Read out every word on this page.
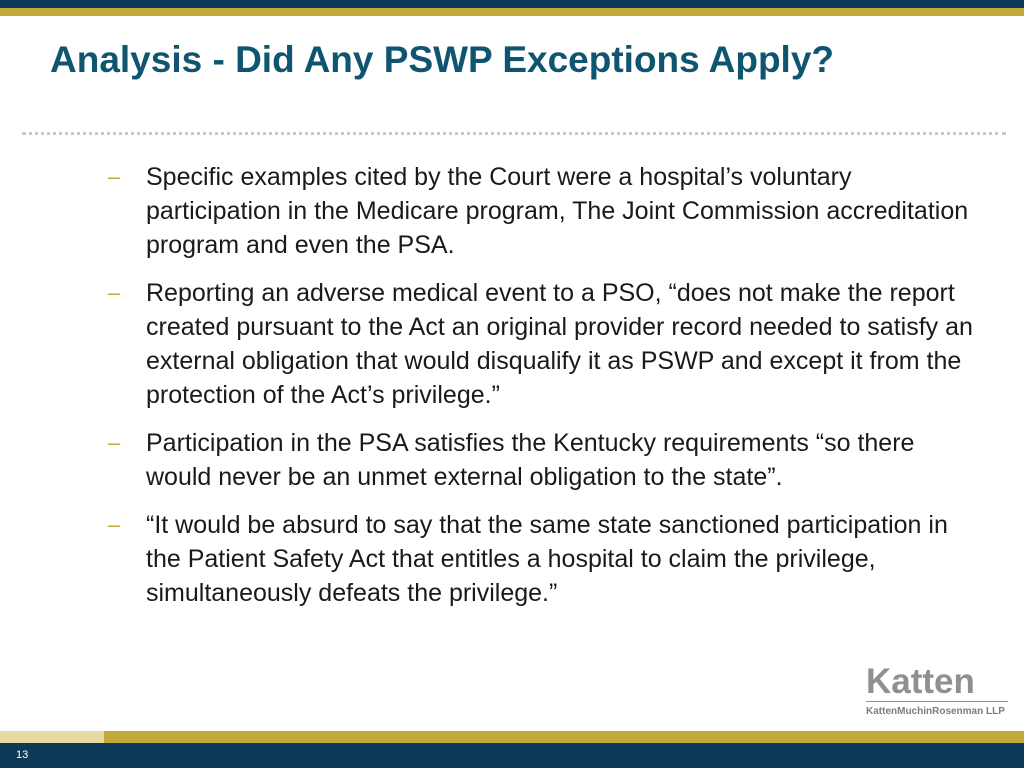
Analysis - Did Any PSWP Exceptions Apply?
– Specific examples cited by the Court were a hospital’s voluntary participation in the Medicare program, The Joint Commission accreditation program and even the PSA.
– Reporting an adverse medical event to a PSO, “does not make the report created pursuant to the Act an original provider record needed to satisfy an external obligation that would disqualify it as PSWP and except it from the protection of the Act’s privilege.”
– Participation in the PSA satisfies the Kentucky requirements “so there would never be an unmet external obligation to the state”.
– “It would be absurd to say that the same state sanctioned participation in the Patient Safety Act that entitles a hospital to claim the privilege, simultaneously defeats the privilege.”
Katten
KattenMuchinRosenman LLP
13
